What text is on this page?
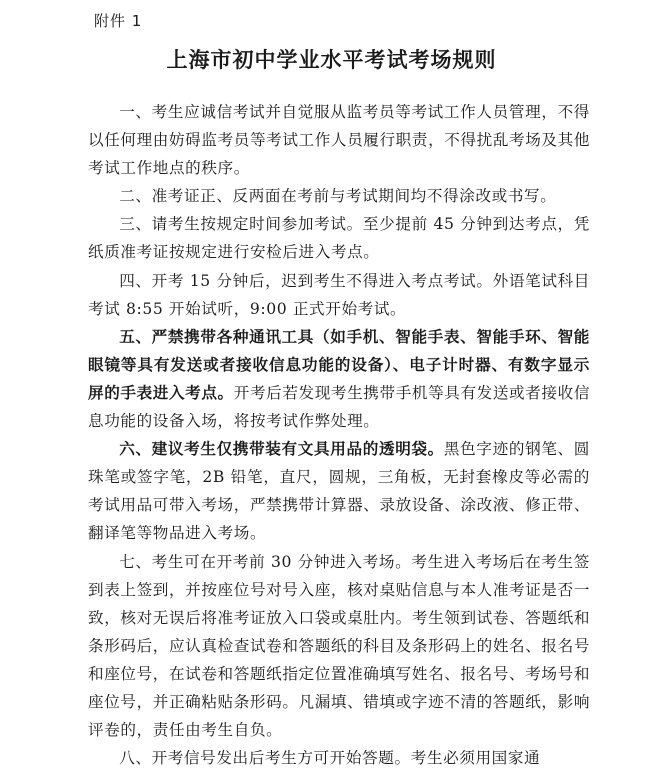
附件 1
上海市初中学业水平考试考场规则

一、考生应诚信考试并自觉服从监考员等考试工作人员管理，不得以任何理由妨碍监考员等考试工作人员履行职责，不得扰乱考场及其他考试工作地点的秩序。

二、准考证正、反两面在考前与考试期间均不得涂改或书写。

三、请考生按规定时间参加考试。至少提前 45 分钟到达考点，凭纸质准考证按规定进行安检后进入考点。

四、开考 15 分钟后，迟到考生不得进入考点考试。外语笔试科目考试 8:55 开始试听，9:00 正式开始考试。

五、严禁携带各种通讯工具（如手机、智能手表、智能手环、智能眼镜等具有发送或者接收信息功能的设备）、电子计时器、有数字显示屏的手表进入考点。开考后若发现考生携带手机等具有发送或者接收信息功能的设备入场，将按考试作弊处理。

六、建议考生仅携带装有文具用品的透明袋。黑色字迹的钢笔、圆珠笔或签字笔，2B 铅笔，直尺，圆规，三角板，无封套橡皮等必需的考试用品可带入考场，严禁携带计算器、录放设备、涂改液、修正带、翻译笔等物品进入考场。

七、考生可在开考前 30 分钟进入考场。考生进入考场后在考生签到表上签到，并按座位号对号入座，核对桌贴信息与本人准考证是否一致，核对无误后将准考证放入口袋或桌肚内。考生领到试卷、答题纸和条形码后，应认真检查试卷和答题纸的科目及条形码上的姓名、报名号和座位号，在试卷和答题纸指定位置准确填写姓名、报名号、考场号和座位号，并正确粘贴条形码。凡漏填、错填或字迹不清的答题纸，影响评卷的，责任由考生自负。

八、开考信号发出后考生方可开始答题。考生必须用国家通
